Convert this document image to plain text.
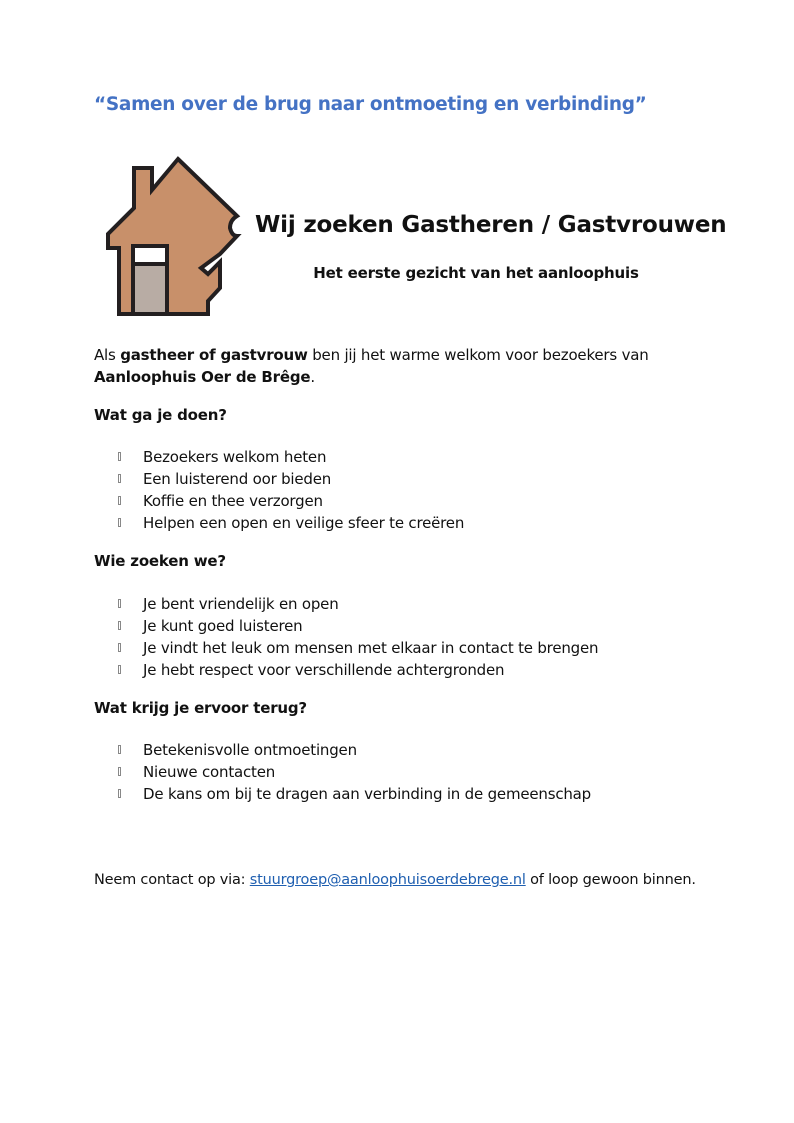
“Samen over de brug naar ontmoeting en verbinding”
Wij zoeken Gastheren / Gastvrouwen
Het eerste gezicht van het aanloophuis
Als gastheer of gastvrouw ben jij het warme welkom voor bezoekers van Aanloophuis Oer de Brêge.
Wat ga je doen?
Bezoekers welkom heten
Een luisterend oor bieden
Koffie en thee verzorgen
Helpen een open en veilige sfeer te creëren
Wie zoeken we?
Je bent vriendelijk en open
Je kunt goed luisteren
Je vindt het leuk om mensen met elkaar in contact te brengen
Je hebt respect voor verschillende achtergronden
Wat krijg je ervoor terug?
Betekenisvolle ontmoetingen
Nieuwe contacten
De kans om bij te dragen aan verbinding in de gemeenschap
Neem contact op via: stuurgroep@aanloophuisoerdebrege.nl of loop gewoon binnen.
